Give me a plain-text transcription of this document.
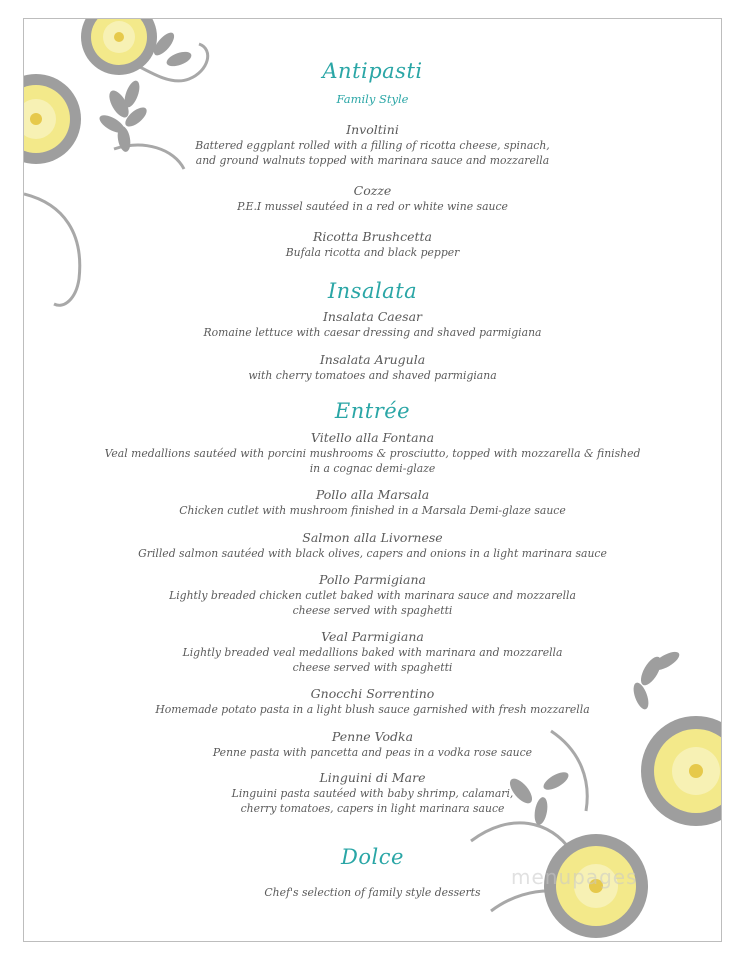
Antipasti
Family Style
Involtini
Battered eggplant rolled with a filling of ricotta cheese, spinach,
and ground walnuts topped with marinara sauce and mozzarella
Cozze
P.E.I mussel sautéed in a red or white wine sauce
Ricotta Brushcetta
Bufala ricotta and black pepper
Insalata
Insalata Caesar
Romaine lettuce with caesar dressing and shaved parmigiana
Insalata Arugula
with cherry tomatoes and shaved parmigiana
Entrée
Vitello alla Fontana
Veal medallions sautéed with porcini mushrooms & prosciutto, topped with mozzarella & finished
in a cognac demi-glaze
Pollo alla Marsala
Chicken cutlet with mushroom finished in a Marsala Demi-glaze sauce
Salmon alla Livornese
Grilled salmon sautéed with black olives, capers and onions in a light marinara sauce
Pollo Parmigiana
Lightly breaded chicken cutlet baked with marinara sauce and mozzarella
cheese served with spaghetti
Veal Parmigiana
Lightly breaded veal medallions baked with marinara and mozzarella
cheese served with spaghetti
Gnocchi Sorrentino
Homemade potato pasta in a light blush sauce garnished with fresh mozzarella
Penne Vodka
Penne pasta with pancetta and peas in a vodka rose sauce
Linguini di Mare
Linguini pasta sautéed with baby shrimp, calamari,
cherry tomatoes, capers in light marinara sauce
Dolce
Chef's selection of family style desserts
menupages
